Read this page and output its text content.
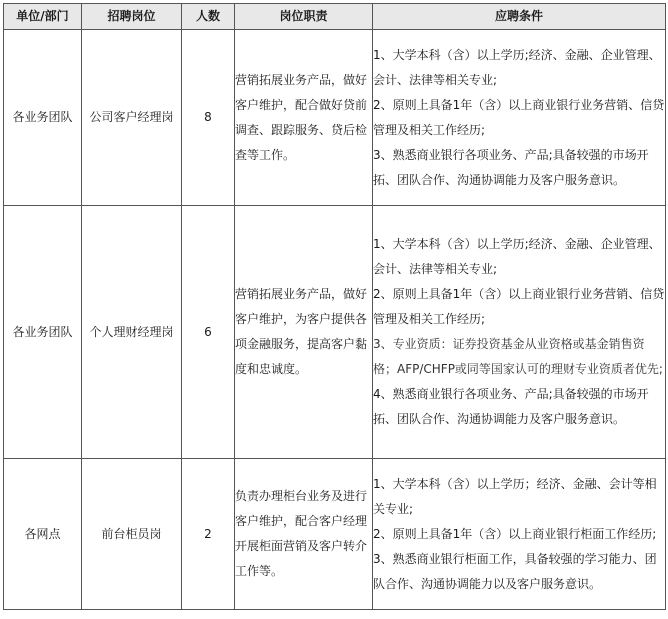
单位/部门	招聘岗位	人数	岗位职责	应聘条件
各业务团队	公司客户经理岗	8	营销拓展业务产品，做好客户维护，配合做好贷前调查、跟踪服务、贷后检查等工作。	1、大学本科（含）以上学历;经济、金融、企业管理、会计、法律等相关专业;
2、原则上具备1年（含）以上商业银行业务营销、信贷管理及相关工作经历;
3、熟悉商业银行各项业务、产品;具备较强的市场开拓、团队合作、沟通协调能力及客户服务意识。

各业务团队	个人理财经理岗	6	营销拓展业务产品，做好客户维护，为客户提供各项金融服务，提高客户黏度和忠诚度。	1、大学本科（含）以上学历;经济、金融、企业管理、会计、法律等相关专业;
2、原则上具备1年（含）以上商业银行业务营销、信贷管理及相关工作经历;
3、专业资质：证券投资基金从业资格或基金销售资格；AFP/CHFP或同等国家认可的理财专业资质者优先;
4、熟悉商业银行各项业务、产品;具备较强的市场开拓、团队合作、沟通协调能力及客户服务意识。

各网点	前台柜员岗	2	负责办理柜台业务及进行客户维护，配合客户经理开展柜面营销及客户转介工作等。	1、大学本科（含）以上学历；经济、金融、会计等相关专业;
2、原则上具备1年（含）以上商业银行柜面工作经历;
3、熟悉商业银行柜面工作，具备较强的学习能力、团队合作、沟通协调能力以及客户服务意识。
